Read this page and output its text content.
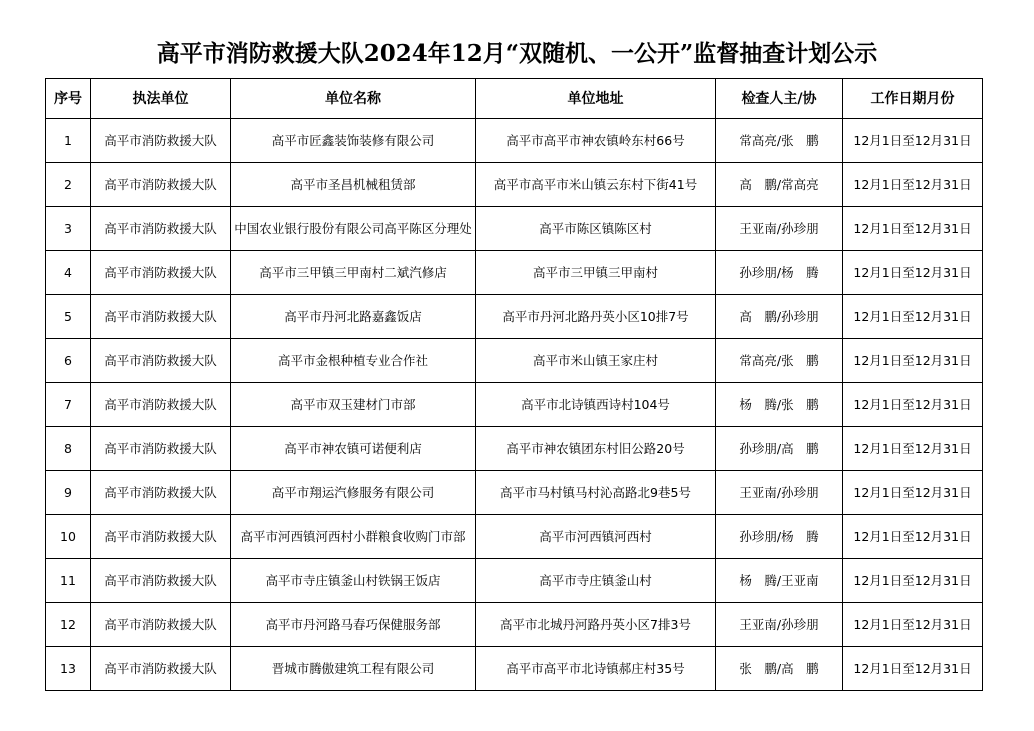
高平市消防救援大队2024年12月“双随机、一公开”监督抽查计划公示
序号	执法单位	单位名称	单位地址	检查人主/协	工作日期月份
1	高平市消防救援大队	高平市匠鑫装饰装修有限公司	高平市高平市神农镇岭东村66号	常高亮/张　鹏	12月1日至12月31日
2	高平市消防救援大队	高平市圣昌机械租赁部	高平市高平市米山镇云东村下街41号	高　鹏/常高亮	12月1日至12月31日
3	高平市消防救援大队	中国农业银行股份有限公司高平陈区分理处	高平市陈区镇陈区村	王亚南/孙珍朋	12月1日至12月31日
4	高平市消防救援大队	高平市三甲镇三甲南村二斌汽修店	高平市三甲镇三甲南村	孙珍朋/杨　腾	12月1日至12月31日
5	高平市消防救援大队	高平市丹河北路嘉鑫饭店	高平市丹河北路丹英小区10排7号	高　鹏/孙珍朋	12月1日至12月31日
6	高平市消防救援大队	高平市金根种植专业合作社	高平市米山镇王家庄村	常高亮/张　鹏	12月1日至12月31日
7	高平市消防救援大队	高平市双玉建材门市部	高平市北诗镇西诗村104号	杨　腾/张　鹏	12月1日至12月31日
8	高平市消防救援大队	高平市神农镇可诺便利店	高平市神农镇团东村旧公路20号	孙珍朋/高　鹏	12月1日至12月31日
9	高平市消防救援大队	高平市翔运汽修服务有限公司	高平市马村镇马村沁高路北9巷5号	王亚南/孙珍朋	12月1日至12月31日
10	高平市消防救援大队	高平市河西镇河西村小群粮食收购门市部	高平市河西镇河西村	孙珍朋/杨　腾	12月1日至12月31日
11	高平市消防救援大队	高平市寺庄镇釜山村铁锅王饭店	高平市寺庄镇釜山村	杨　腾/王亚南	12月1日至12月31日
12	高平市消防救援大队	高平市丹河路马春巧保健服务部	高平市北城丹河路丹英小区7排3号	王亚南/孙珍朋	12月1日至12月31日
13	高平市消防救援大队	晋城市腾傲建筑工程有限公司	高平市高平市北诗镇郝庄村35号	张　鹏/高　鹏	12月1日至12月31日
